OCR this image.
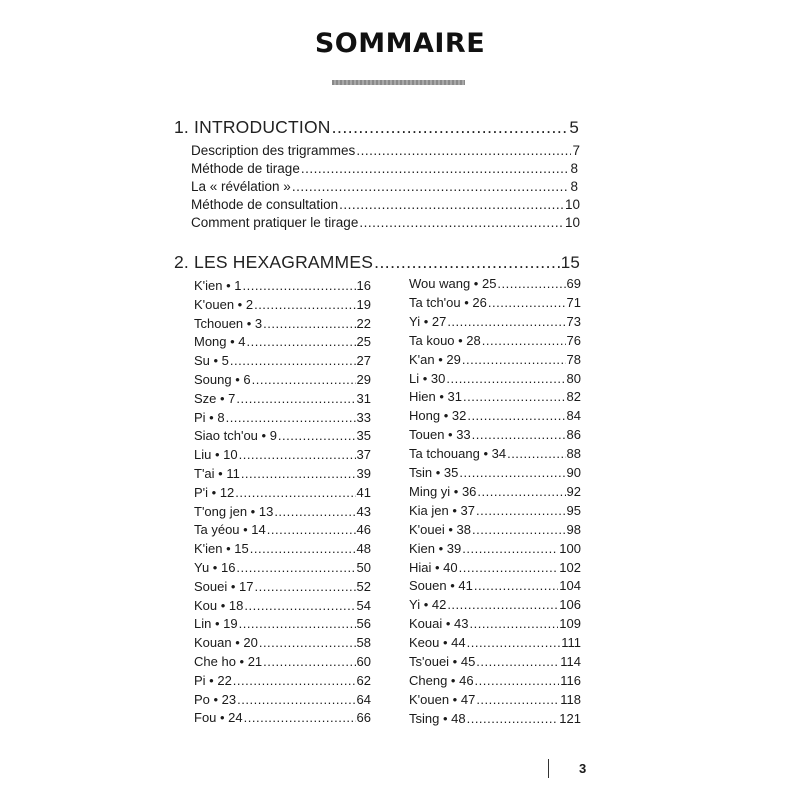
SOMMAIRE
1. INTRODUCTION .....	5
Description des trigrammes .....	7
Méthode de tirage .....	8
La « révélation » .....	8
Méthode de consultation .....	10
Comment pratiquer le tirage .....	10
2. LES HEXAGRAMMES .....	15
K'ien • 1 .....	16
K'ouen • 2 .....	19
Tchouen • 3 .....	22
Mong • 4 .....	25
Su • 5 .....	27
Soung • 6 .....	29
Sze • 7 .....	31
Pi • 8 .....	33
Siao tch'ou • 9 .....	35
Liu • 10 .....	37
T'ai • 11 .....	39
P'i • 12 .....	41
T'ong jen • 13 .....	43
Ta yéou • 14 .....	46
K'ien • 15 .....	48
Yu • 16 .....	50
Souei • 17 .....	52
Kou • 18 .....	54
Lin • 19 .....	56
Kouan • 20 .....	58
Che ho • 21 .....	60
Pi • 22 .....	62
Po • 23 .....	64
Fou • 24 .....	66
Wou wang • 25 .....	69
Ta tch'ou • 26 .....	71
Yi • 27 .....	73
Ta kouo • 28 .....	76
K'an • 29 .....	78
Li • 30 .....	80
Hien • 31 .....	82
Hong • 32 .....	84
Touen • 33 .....	86
Ta tchouang • 34 .....	88
Tsin • 35 .....	90
Ming yi • 36 .....	92
Kia jen • 37 .....	95
K'ouei • 38 .....	98
Kien • 39 .....	100
Hiai • 40 .....	102
Souen • 41 .....	104
Yi • 42 .....	106
Kouai • 43 .....	109
Keou • 44 .....	111
Ts'ouei • 45 .....	114
Cheng • 46 .....	116
K'ouen • 47 .....	118
Tsing • 48 .....	121
3
